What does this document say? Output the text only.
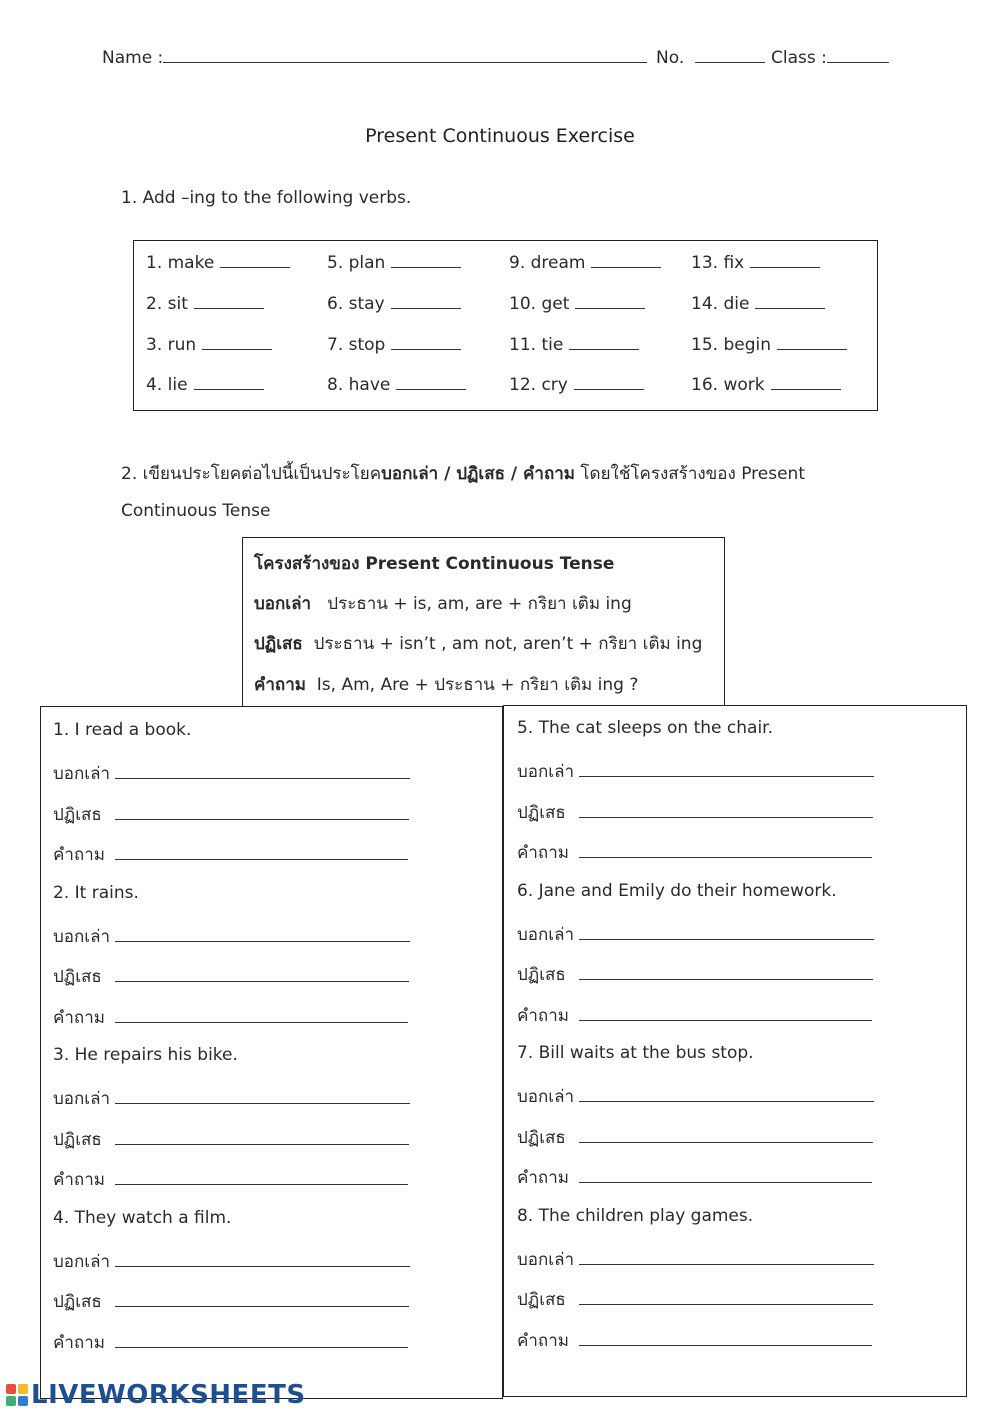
Name :	No.	Class :
Present Continuous Exercise
1. Add –ing to the following verbs.
1. make
2. sit
3. run
4. lie
5. plan
6. stay
7. stop
8. have
9. dream
10. get
11. tie
12. cry
13. fix
14. die
15. begin
16. work
2. เขียนประโยคต่อไปนี้เป็นประโยคบอกเล่า / ปฏิเสธ / คำถาม โดยใช้โครงสร้างของ Present
Continuous Tense
โครงสร้างของ Present Continuous Tense
บอกเล่า ประธาน + is, am, are + กริยา เติม ing
ปฏิเสธ ประธาน + isn’t , am not, aren’t + กริยา เติม ing
คำถาม Is, Am, Are + ประธาน + กริยา เติม ing ?
1. I read a book.
บอกเล่า
ปฏิเสธ
คำถาม
2. It rains.
บอกเล่า
ปฏิเสธ
คำถาม
3. He repairs his bike.
บอกเล่า
ปฏิเสธ
คำถาม
4. They watch a film.
บอกเล่า
ปฏิเสธ
คำถาม
5. The cat sleeps on the chair.
บอกเล่า
ปฏิเสธ
คำถาม
6. Jane and Emily do their homework.
บอกเล่า
ปฏิเสธ
คำถาม
7. Bill waits at the bus stop.
บอกเล่า
ปฏิเสธ
คำถาม
8. The children play games.
บอกเล่า
ปฏิเสธ
คำถาม
LIVEWORKSHEETS
